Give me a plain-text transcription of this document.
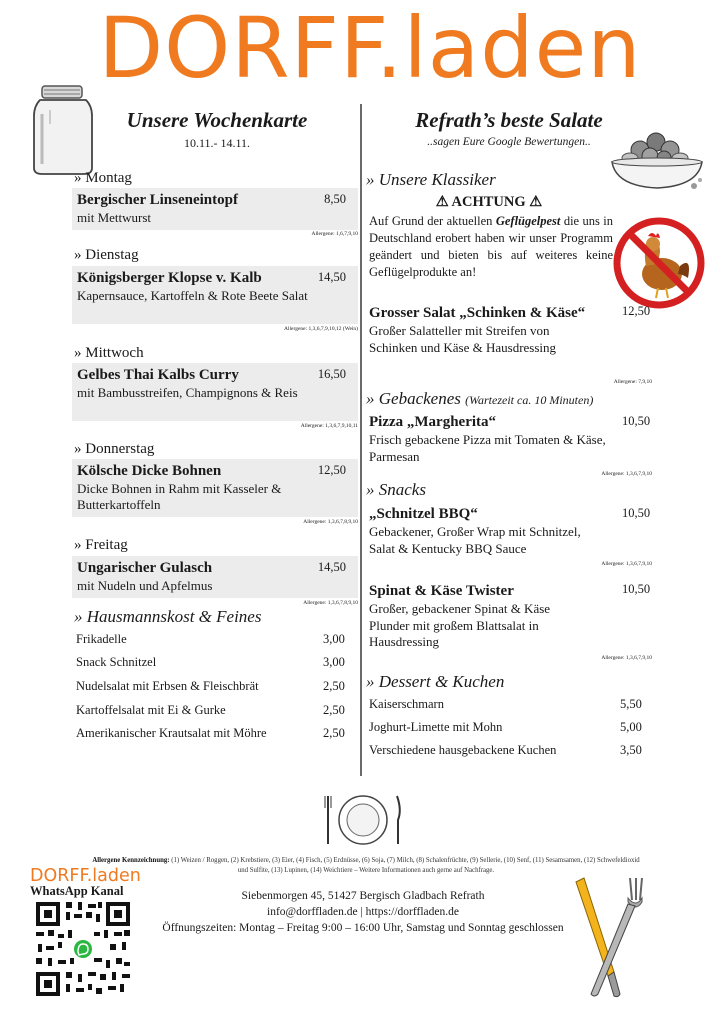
DORFF.laden
Unsere Wochenkarte
10.11.- 14.11.
» Montag
Bergischer Linseneintopf
mit Mettwurst
8,50
Allergene: 1,6,7,9,10
» Dienstag
Königsberger Klopse v. Kalb
Kapernsauce, Kartoffeln & Rote Beete Salat
14,50
Allergene: 1,3,6,7,9,10,12 (Wein)
» Mittwoch
Gelbes Thai Kalbs Curry
mit Bambusstreifen, Champignons & Reis
16,50
Allergene: 1,3,6,7,9,10,11
» Donnerstag
Kölsche Dicke Bohnen
Dicke Bohnen in Rahm mit Kasseler & Butterkartoffeln
12,50
Allergene: 1,3,6,7,8,9,10
» Freitag
Ungarischer Gulasch
mit Nudeln und Apfelmus
14,50
Allergene: 1,3,6,7,8,9,10
» Hausmannskost & Feines
Frikadelle	3,00
Snack Schnitzel	3,00
Nudelsalat mit Erbsen & Fleischbrät	2,50
Kartoffelsalat mit Ei & Gurke	2,50
Amerikanischer Krautsalat mit Möhre	2,50
Refrath’s beste Salate
..sagen Eure Google Bewertungen..
» Unsere Klassiker
⚠ ACHTUNG ⚠
Auf Grund der aktuellen Geflügelpest die uns in Deutschland erobert haben wir unser Programm geändert und bieten bis auf weiteres keine Geflügelprodukte an!
Grosser Salat „Schinken & Käse“
Großer Salatteller mit Streifen von Schinken und Käse & Hausdressing
12,50
Allergene: 7,9,10
» Gebackenes (Wartezeit ca. 10 Minuten)
Pizza „Margherita“
Frisch gebackene Pizza mit Tomaten & Käse, Parmesan
10,50
Allergene: 1,3,6,7,9,10
» Snacks
„Schnitzel BBQ“
Gebackener, Großer Wrap mit Schnitzel, Salat & Kentucky BBQ Sauce
10,50
Allergene: 1,3,6,7,9,10
Spinat & Käse Twister
Großer, gebackener Spinat & Käse Plunder mit großem Blattsalat in Hausdressing
10,50
Allergene: 1,3,6,7,9,10
» Dessert & Kuchen
Kaiserschmarn	5,50
Joghurt-Limette mit Mohn	5,00
Verschiedene hausgebackene Kuchen	3,50
Allergene Kennzeichnung: (1) Weizen / Roggen, (2) Krebstiere, (3) Eier, (4) Fisch, (5) Erdnüsse, (6) Soja, (7) Milch, (8) Schalenfrüchte, (9) Sellerie, (10) Senf, (11) Sesamsamen, (12) Schwefeldioxid und Sulfite, (13) Lupinen, (14) Weichtiere – Weitere Informationen auch gerne auf Nachfrage.
DORFF.laden
WhatsApp Kanal	Siebenmorgen 45, 51427 Bergisch Gladbach Refrath
info@dorffladen.de | https://dorffladen.de
Öffnungszeiten: Montag – Freitag 9:00 – 16:00 Uhr, Samstag und Sonntag geschlossen
